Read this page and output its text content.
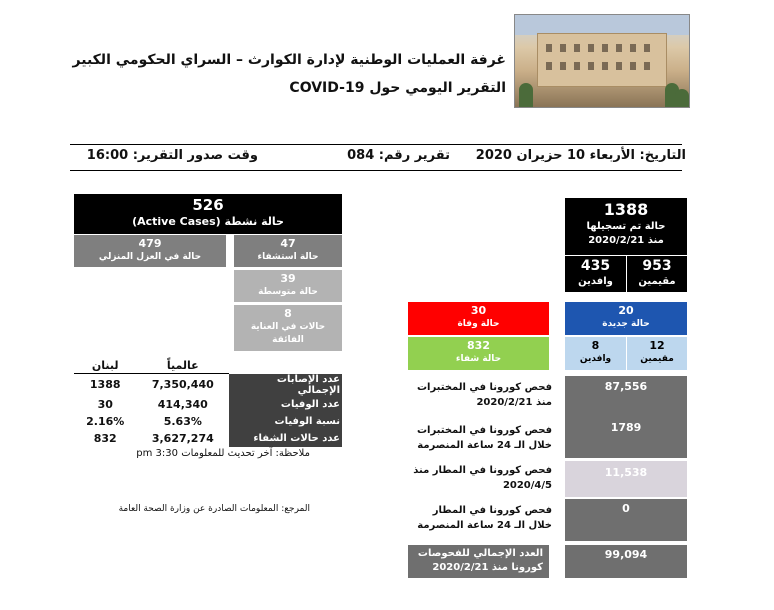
غرفة العمليات الوطنية لإدارة الكوارث – السراي الحكومي الكبير
التقرير اليومي حول COVID-19
التاريخ: الأربعاء 10 حزيران 2020
تقرير رقم: 084
وقت صدور التقرير: 16:00
1388
حالة تم تسجيلها
منذ 2020/2/21
953
مقيمين
435
وافدين
526
حالة نشطة (Active Cases)
479
حالة في العزل المنزلي
47
حالة استشفاء
39
حالة متوسطة
8
حالات في العناية الفائقة
30
حالة وفاة
20
حالة جديدة
832
حالة شفاء
12
مقيمين
8
وافدين
لبنان	عالمياً	
1388	7,350,440	عدد الإصابات الإجمالي
30	414,340	عدد الوفيات
2.16%	5.63%	نسبة الوفيات
832	3,627,274	عدد حالات الشفاء
ملاحظة: آخر تحديث للمعلومات 3:30 pm
المرجع: المعلومات الصادرة عن وزارة الصحة العامة
فحص كورونا في المختبرات منذ 2020/2/21
87,556
فحص كورونا في المختبرات خلال الـ 24 ساعة المنصرمة
1789
فحص كورونا في المطار منذ 2020/4/5
11,538
فحص كورونا في المطار خلال الـ 24 ساعة المنصرمة
0
العدد الإجمالي للفحوصات كورونا منذ 2020/2/21
99,094
